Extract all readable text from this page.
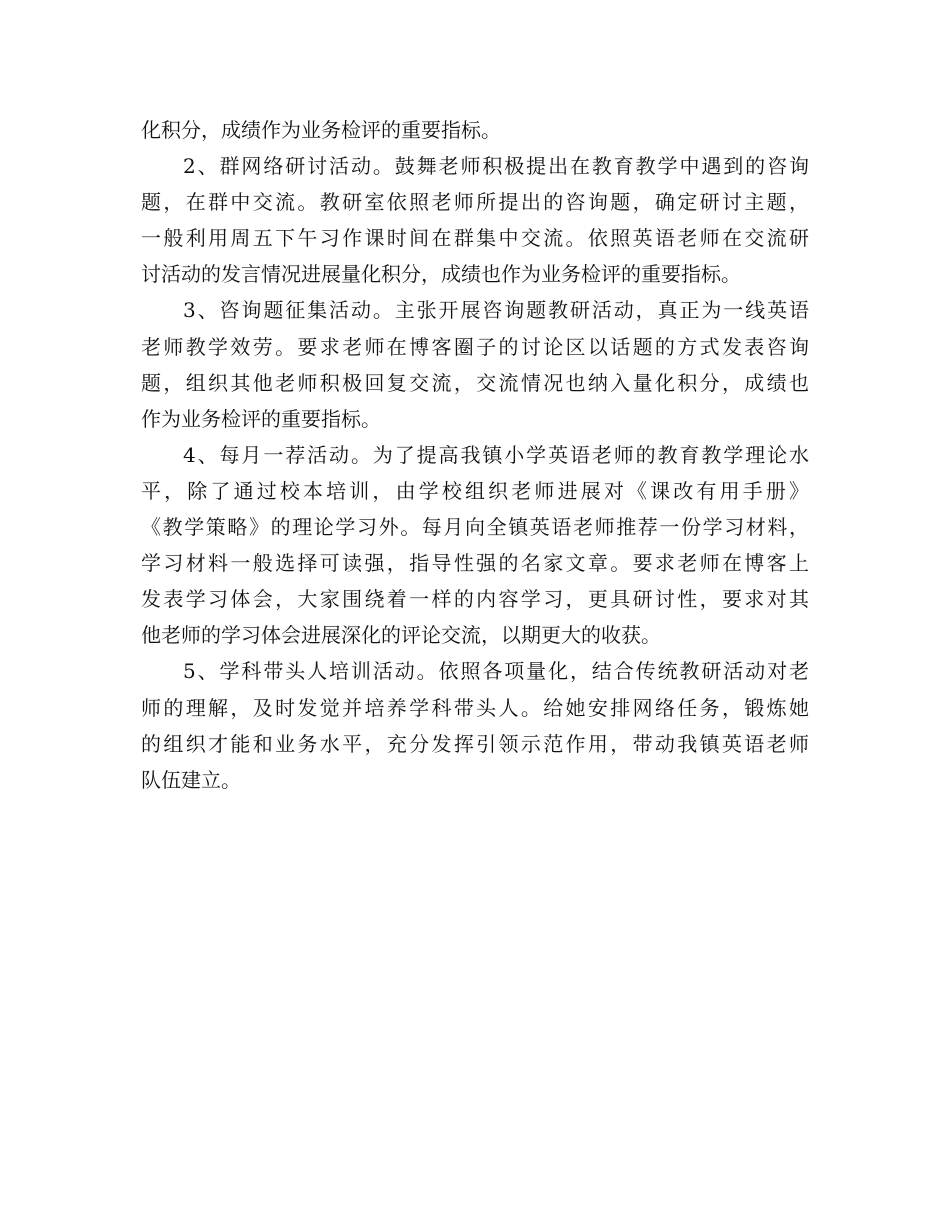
化积分，成绩作为业务检评的重要指标。
2、群网络研讨活动。鼓舞老师积极提出在教育教学中遇到的咨询
题，在群中交流。教研室依照老师所提出的咨询题，确定研讨主题，
一般利用周五下午习作课时间在群集中交流。依照英语老师在交流研
讨活动的发言情况进展量化积分，成绩也作为业务检评的重要指标。
3、咨询题征集活动。主张开展咨询题教研活动，真正为一线英语
老师教学效劳。要求老师在博客圈子的讨论区以话题的方式发表咨询
题，组织其他老师积极回复交流，交流情况也纳入量化积分，成绩也
作为业务检评的重要指标。
4、每月一荐活动。为了提高我镇小学英语老师的教育教学理论水
平，除了通过校本培训，由学校组织老师进展对《课改有用手册》
《教学策略》的理论学习外。每月向全镇英语老师推荐一份学习材料，
学习材料一般选择可读强，指导性强的名家文章。要求老师在博客上
发表学习体会，大家围绕着一样的内容学习，更具研讨性，要求对其
他老师的学习体会进展深化的评论交流，以期更大的收获。
5、学科带头人培训活动。依照各项量化，结合传统教研活动对老
师的理解，及时发觉并培养学科带头人。给她安排网络任务，锻炼她
的组织才能和业务水平，充分发挥引领示范作用，带动我镇英语老师
队伍建立。
